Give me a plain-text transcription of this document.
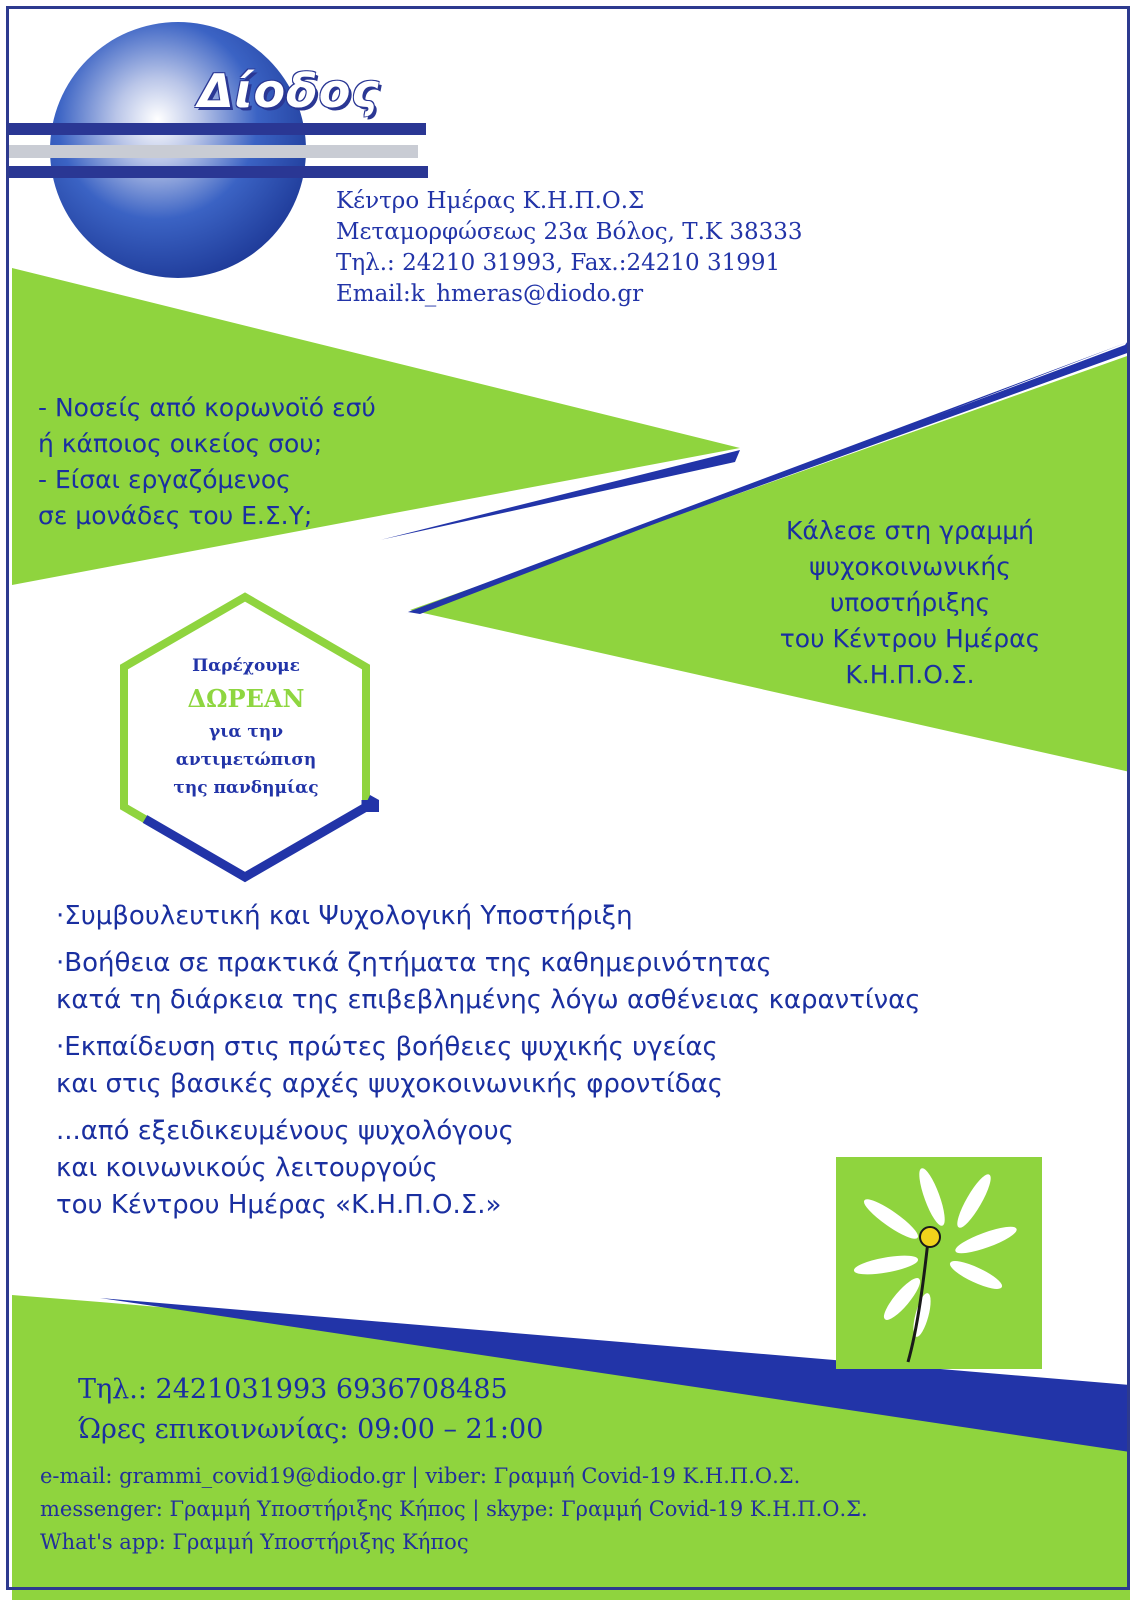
Δίοδος
Κέντρο Ημέρας Κ.Η.Π.Ο.Σ
Μεταμορφώσεως 23α Βόλος, Τ.Κ 38333
Τηλ.: 24210 31993, Fax.:24210 31991
Email:k_hmeras@diodo.gr
- Νοσείς από κορωνοϊό εσύ
ή κάποιος οικείος σου;
- Είσαι εργαζόμενος
σε μονάδες του Ε.Σ.Υ;
Κάλεσε στη γραμμή
ψυχοκοινωνικής
υποστήριξης
του Κέντρου Ημέρας
Κ.Η.Π.Ο.Σ.
Παρέχουμε
ΔΩΡΕΑΝ
για την
αντιμετώπιση
της πανδημίας
·Συμβουλευτική και Ψυχολογική Υποστήριξη
·Βοήθεια σε πρακτικά ζητήματα της καθημερινότητας
κατά τη διάρκεια της επιβεβλημένης λόγω ασθένειας καραντίνας
·Εκπαίδευση στις πρώτες βοήθειες ψυχικής υγείας
και στις βασικές αρχές ψυχοκοινωνικής φροντίδας
...από εξειδικευμένους ψυχολόγους
και κοινωνικούς λειτουργούς
του Κέντρου Ημέρας «Κ.Η.Π.Ο.Σ.»
Τηλ.: 2421031993 6936708485
Ώρες επικοινωνίας: 09:00 – 21:00
e-mail: grammi_covid19@diodo.gr | viber: Γραμμή Covid-19 Κ.Η.Π.Ο.Σ.
messenger: Γραμμή Υποστήριξης Κήπος | skype: Γραμμή Covid-19 Κ.Η.Π.Ο.Σ.
What's app: Γραμμή Υποστήριξης Κήπος
